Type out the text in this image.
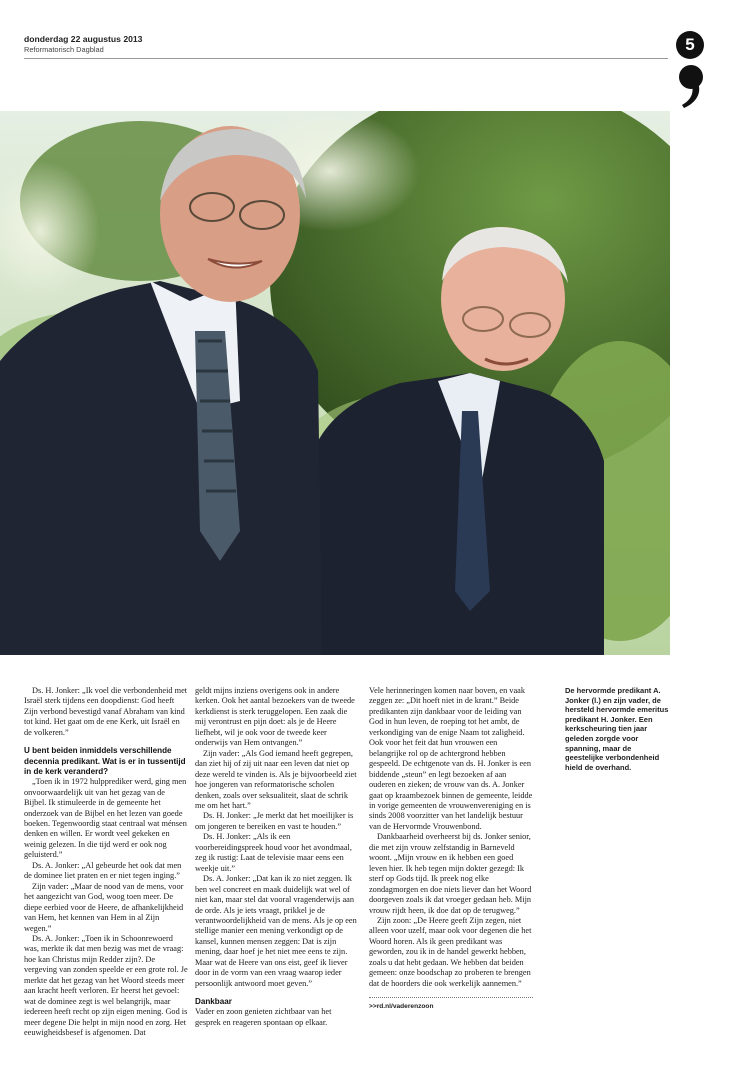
donderdag 22 augustus 2013
Reformatorisch Dagblad	5

Ds. H. Jonker: „Ik voel die verbondenheid met Israël sterk tijdens een doopdienst: God heeft Zijn verbond bevestigd vanaf Abraham van kind tot kind. Het gaat om de ene Kerk, uit Israël en de volkeren.”

U bent beiden inmiddels verschillende decennia predikant. Wat is er in tussentijd in de kerk veranderd?

„Toen ik in 1972 hulpprediker werd, ging men onvoorwaardelijk uit van het gezag van de Bijbel. Ik stimuleerde in de gemeente het onderzoek van de Bijbel en het lezen van goede boeken. Tegenwoordig staat centraal wat ménsen denken en willen. Er wordt veel gekeken en weinig gelezen. In die tijd werd er ook nog geluisterd.”

Ds. A. Jonker: „Al gebeurde het ook dat men de dominee liet praten en er niet tegen inging.”

Zijn vader: „Maar de nood van de mens, voor het aangezicht van God, woog toen meer. De diepe eerbied voor de Heere, de afhankelijkheid van Hem, het kennen van Hem in al Zijn wegen.”

Ds. A. Jonker: „Toen ik in Schoonrewoerd was, merkte ik dat men bezig was met de vraag: hoe kan Christus mijn Redder zijn?. De vergeving van zonden speelde er een grote rol. Je merkte dat het gezag van het Woord steeds meer aan kracht heeft verloren. Er heerst het gevoel: wat de dominee zegt is wel belangrijk, maar iedereen heeft recht op zijn eigen mening. God is meer degene Die helpt in mijn nood en zorg. Het eeuwigheidsbesef is afgenomen. Dat

geldt mijns inziens overigens ook in andere kerken. Ook het aantal bezoekers van de tweede kerkdienst is sterk teruggelopen. Een zaak die mij verontrust en pijn doet: als je de Heere liefhebt, wil je ook voor de tweede keer onderwijs van Hem ontvangen.”

Zijn vader: „Als God iemand heeft gegrepen, dan ziet hij of zij uit naar een leven dat niet op deze wereld te vinden is. Als je bijvoorbeeld ziet hoe jongeren van reformatorische scholen denken, zoals over seksualiteit, slaat de schrik me om het hart.”

Ds. H. Jonker: „Je merkt dat het moeilijker is om jongeren te bereiken en vast te houden.”

Ds. H. Jonker: „Als ik een voorbereidingspreek houd voor het avondmaal, zeg ik rustig: Laat de televisie maar eens een weekje uit.”

Ds. A. Jonker: „Dat kan ik zo niet zeggen. Ik ben wel concreet en maak duidelijk wat wel of niet kan, maar stel dat vooral vragenderwijs aan de orde. Als je iets vraagt, prikkel je de verantwoordelijkheid van de mens. Als je op een stellige manier een mening verkondigt op de kansel, kunnen mensen zeggen: Dat is zijn mening, daar hoef je het niet mee eens te zijn. Maar wat de Heere van ons eist, geef ik liever door in de vorm van een vraag waarop ieder persoonlijk antwoord moet geven.”

Dankbaar

Vader en zoon genieten zichtbaar van het gesprek en reageren spontaan op elkaar.

Vele herinneringen komen naar boven, en vaak zeggen ze: „Dit hoeft niet in de krant.” Beide predikanten zijn dankbaar voor de leiding van God in hun leven, de roeping tot het ambt, de verkondiging van de enige Naam tot zaligheid. Ook voor het feit dat hun vrouwen een belangrijke rol op de achtergrond hebben gespeeld. De echtgenote van ds. H. Jonker is een biddende „steun” en legt bezoeken af aan ouderen en zieken; de vrouw van ds. A. Jonker gaat op kraambezoek binnen de gemeente, leidde in vorige gemeenten de vrouwenvereniging en is sinds 2008 voorzitter van het landelijk bestuur van de Hervormde Vrouwenbond.

Dankbaarheid overheerst bij ds. Jonker senior, die met zijn vrouw zelfstandig in Barneveld woont. „Mijn vrouw en ik hebben een goed leven hier. Ik heb tegen mijn dokter gezegd: Ik sterf op Gods tijd. Ik preek nog elke zondagmorgen en doe niets liever dan het Woord doorgeven zoals ik dat vroeger gedaan heb. Mijn vrouw rijdt heen, ik doe dat op de terugweg.”

Zijn zoon: „De Heere geeft Zijn zegen, niet alleen voor uzelf, maar ook voor degenen die het Woord horen. Als ik geen predikant was geworden, zou ik in de handel gewerkt hebben, zoals u dat hebt gedaan. We hebben dat beiden gemeen: onze boodschap zo proberen te brengen dat de hoorders die ook werkelijk aannemen.”

>>rd.nl/vaderenzoon
De hervormde predikant A. Jonker (l.) en zijn vader, de hersteld hervormde emeritus predikant H. Jonker. Een kerkscheuring tien jaar geleden zorgde voor spanning, maar de geestelijke verbondenheid hield de overhand.
